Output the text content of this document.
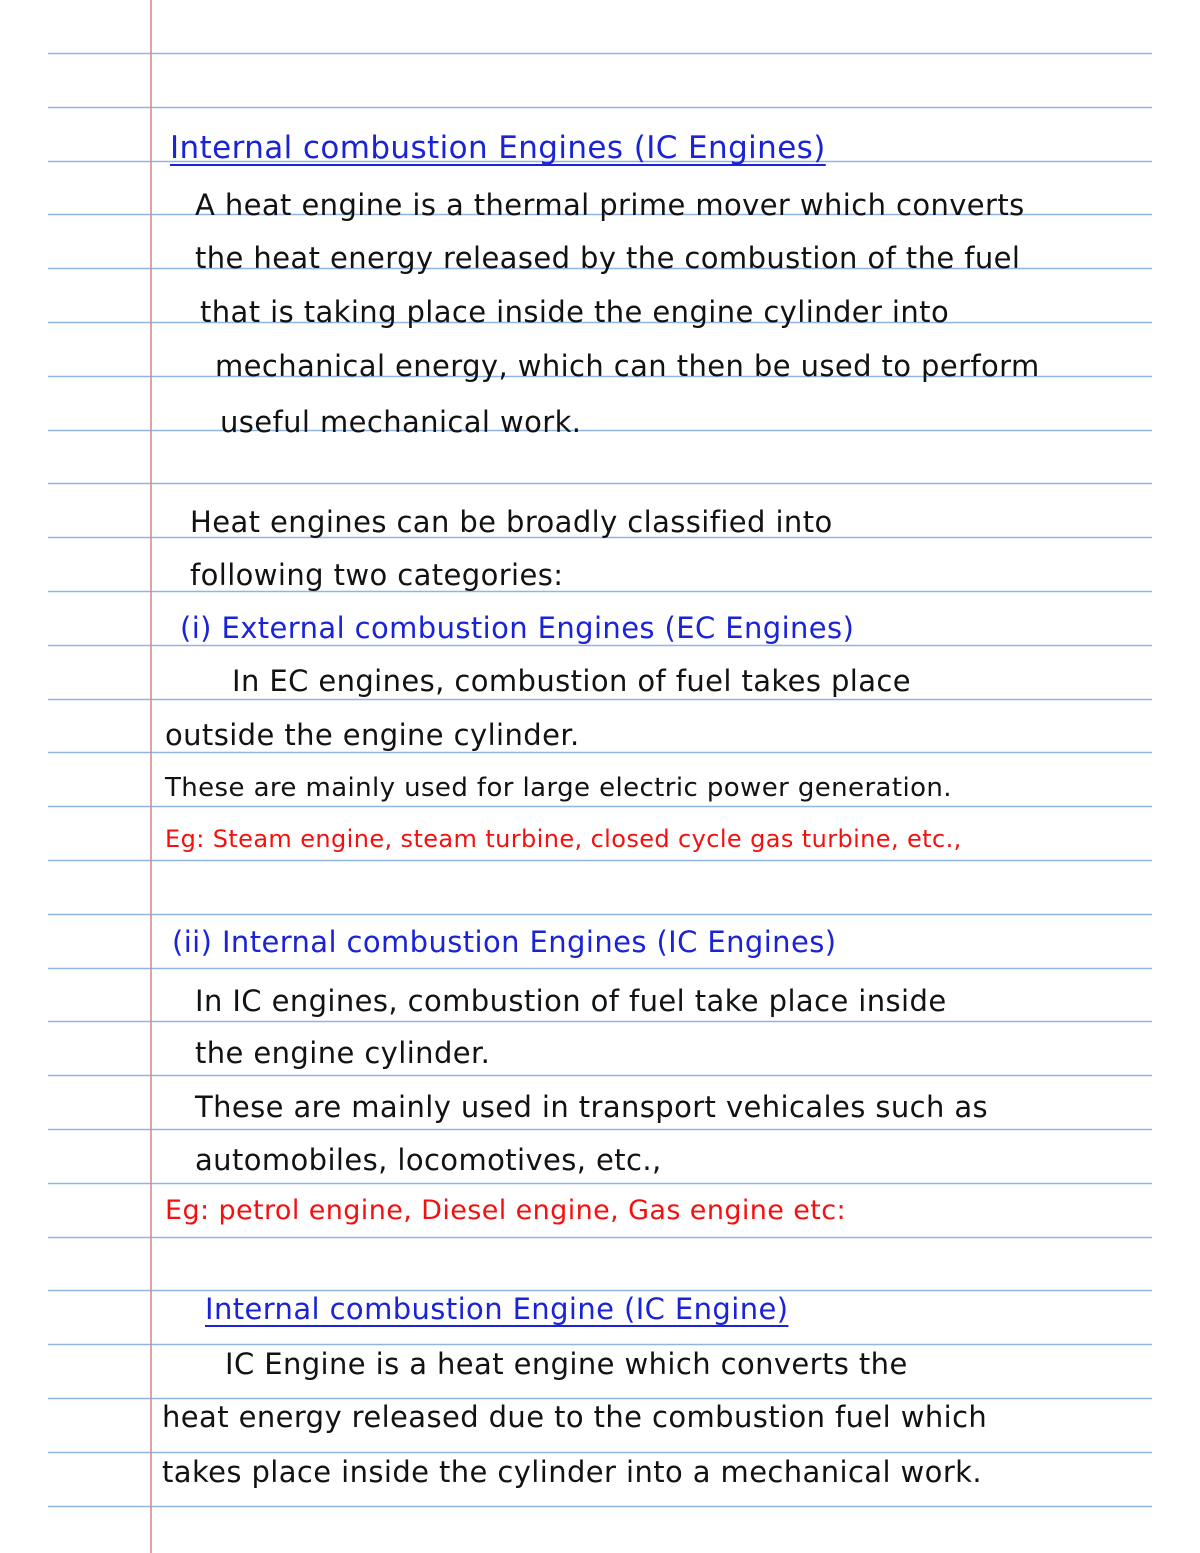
Internal combustion Engines (IC Engines)
A heat engine is a thermal prime mover which converts
the heat energy released by the combustion of the fuel
that is taking place inside the engine cylinder into
mechanical energy, which can then be used to perform
useful mechanical work.
Heat engines can be broadly classified into
following two categories:
(i) External combustion Engines (EC Engines)
In EC engines, combustion of fuel takes place
outside the engine cylinder.
These are mainly used for large electric power generation.
Eg: Steam engine, steam turbine, closed cycle gas turbine, etc.,
(ii) Internal combustion Engines (IC Engines)
In IC engines, combustion of fuel take place inside
the engine cylinder.
These are mainly used in transport vehicales such as
automobiles, locomotives, etc.,
Eg: petrol engine, Diesel engine, Gas engine etc:
Internal combustion Engine (IC Engine)
IC Engine is a heat engine which converts the
heat energy released due to the combustion fuel which
takes place inside the cylinder into a mechanical work.
